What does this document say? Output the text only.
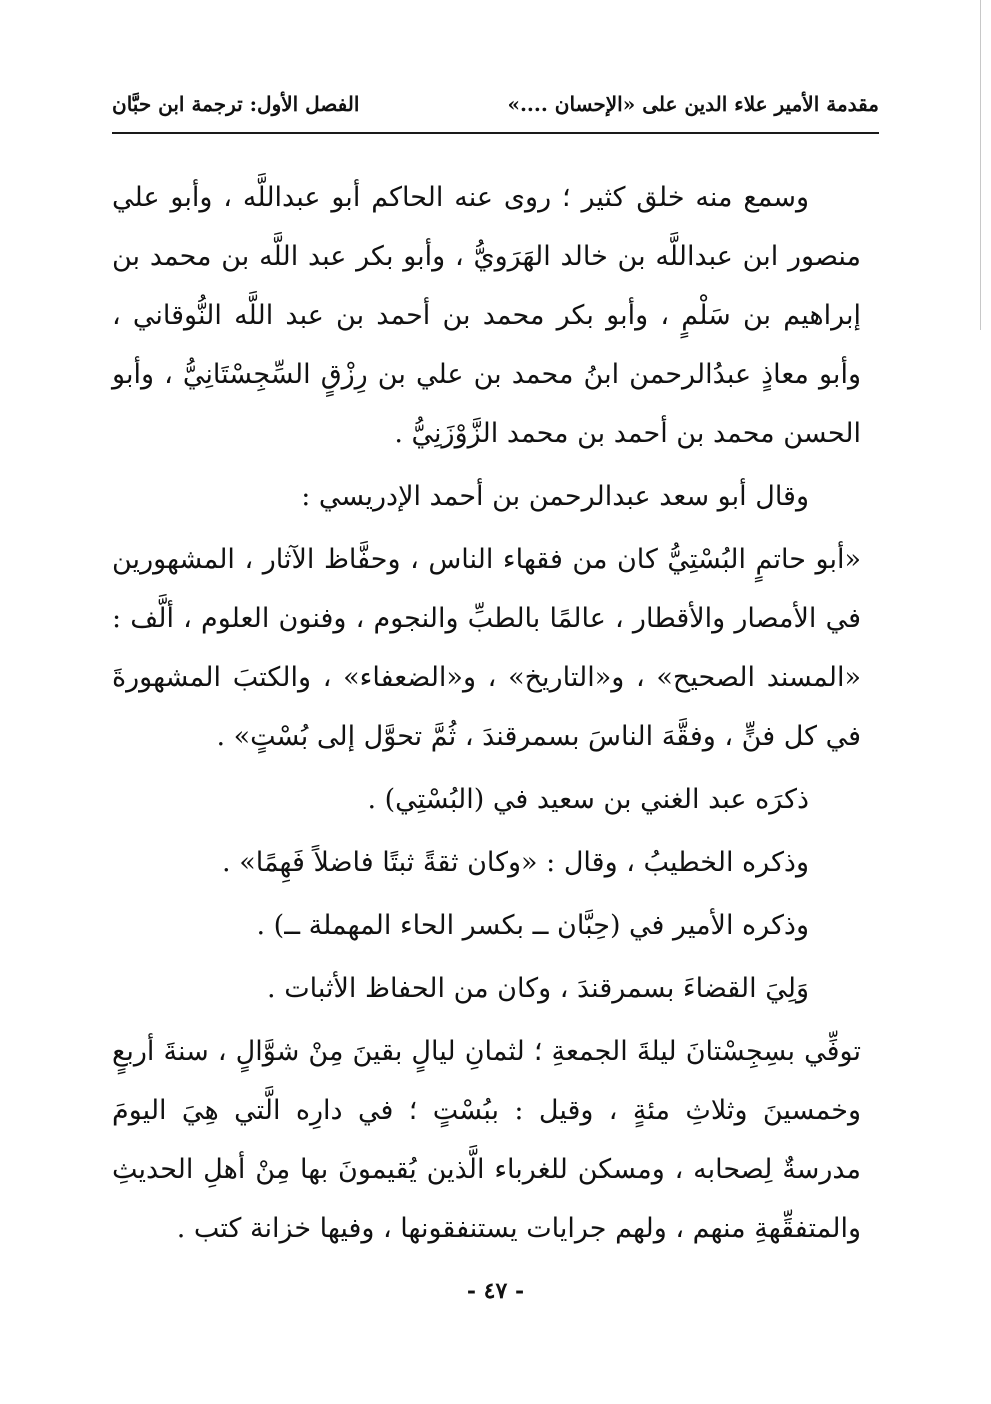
مقدمة الأمير علاء الدين على «الإحسان ....»
الفصل الأول: ترجمة ابن حبَّان

وسمع منه خلق كثير ؛ روى عنه الحاكم أبو عبداللَّه ، وأبو علي منصور ابن عبداللَّه بن خالد الهَرَويُّ ، وأبو بكر عبد اللَّه بن محمد بن إبراهيم بن سَلْمٍ ، وأبو بكر محمد بن أحمد بن عبد اللَّه النُّوقاني ، وأبو معاذٍ عبدُالرحمن ابنُ محمد بن علي بن رِزْقٍ السِّجِسْتَانِيُّ ، وأبو الحسن محمد بن أحمد بن محمد الزَّوْزَنِيُّ .

وقال أبو سعد عبدالرحمن بن أحمد الإدريسي :

«أبو حاتمٍ البُسْتِيُّ كان من فقهاء الناس ، وحفَّاظ الآثار ، المشهورين في الأمصار والأقطار ، عالمًا بالطبِّ والنجوم ، وفنون العلوم ، ألَّف : «المسند الصحيح» ، و«التاريخ» ، و«الضعفاء» ، والكتبَ المشهورةَ في كل فنٍّ ، وفقَّهَ الناسَ بسمرقندَ ، ثُمَّ تحوَّل إلى بُسْتٍ» .

ذكرَه عبد الغني بن سعيد في (البُسْتِي) .

وذكره الخطيبُ ، وقال : «وكان ثقةً ثبتًا فاضلاً فَهِمًا» .

وذكره الأمير في (حِبَّان ــ بكسر الحاء المهملة ــ) .

وَلِيَ القضاءَ بسمرقندَ ، وكان من الحفاظ الأثبات .

توفِّي بسِجِسْتانَ ليلةَ الجمعةِ ؛ لثمانِ ليالٍ بقينَ مِنْ شوَّالٍ ، سنةَ أربعٍ وخمسينَ وثلاثِ مئةٍ ، وقيل : ببُسْتٍ ؛ في دارِه الَّتي هِيَ اليومَ مدرسةٌ لِصحابه ، ومسكن للغرباء الَّذين يُقيمونَ بها مِنْ أهلِ الحديثِ والمتفقِّهةِ منهم ، ولهم جرايات يستنفقونها ، وفيها خزانة كتب .

- ٤٧ -
